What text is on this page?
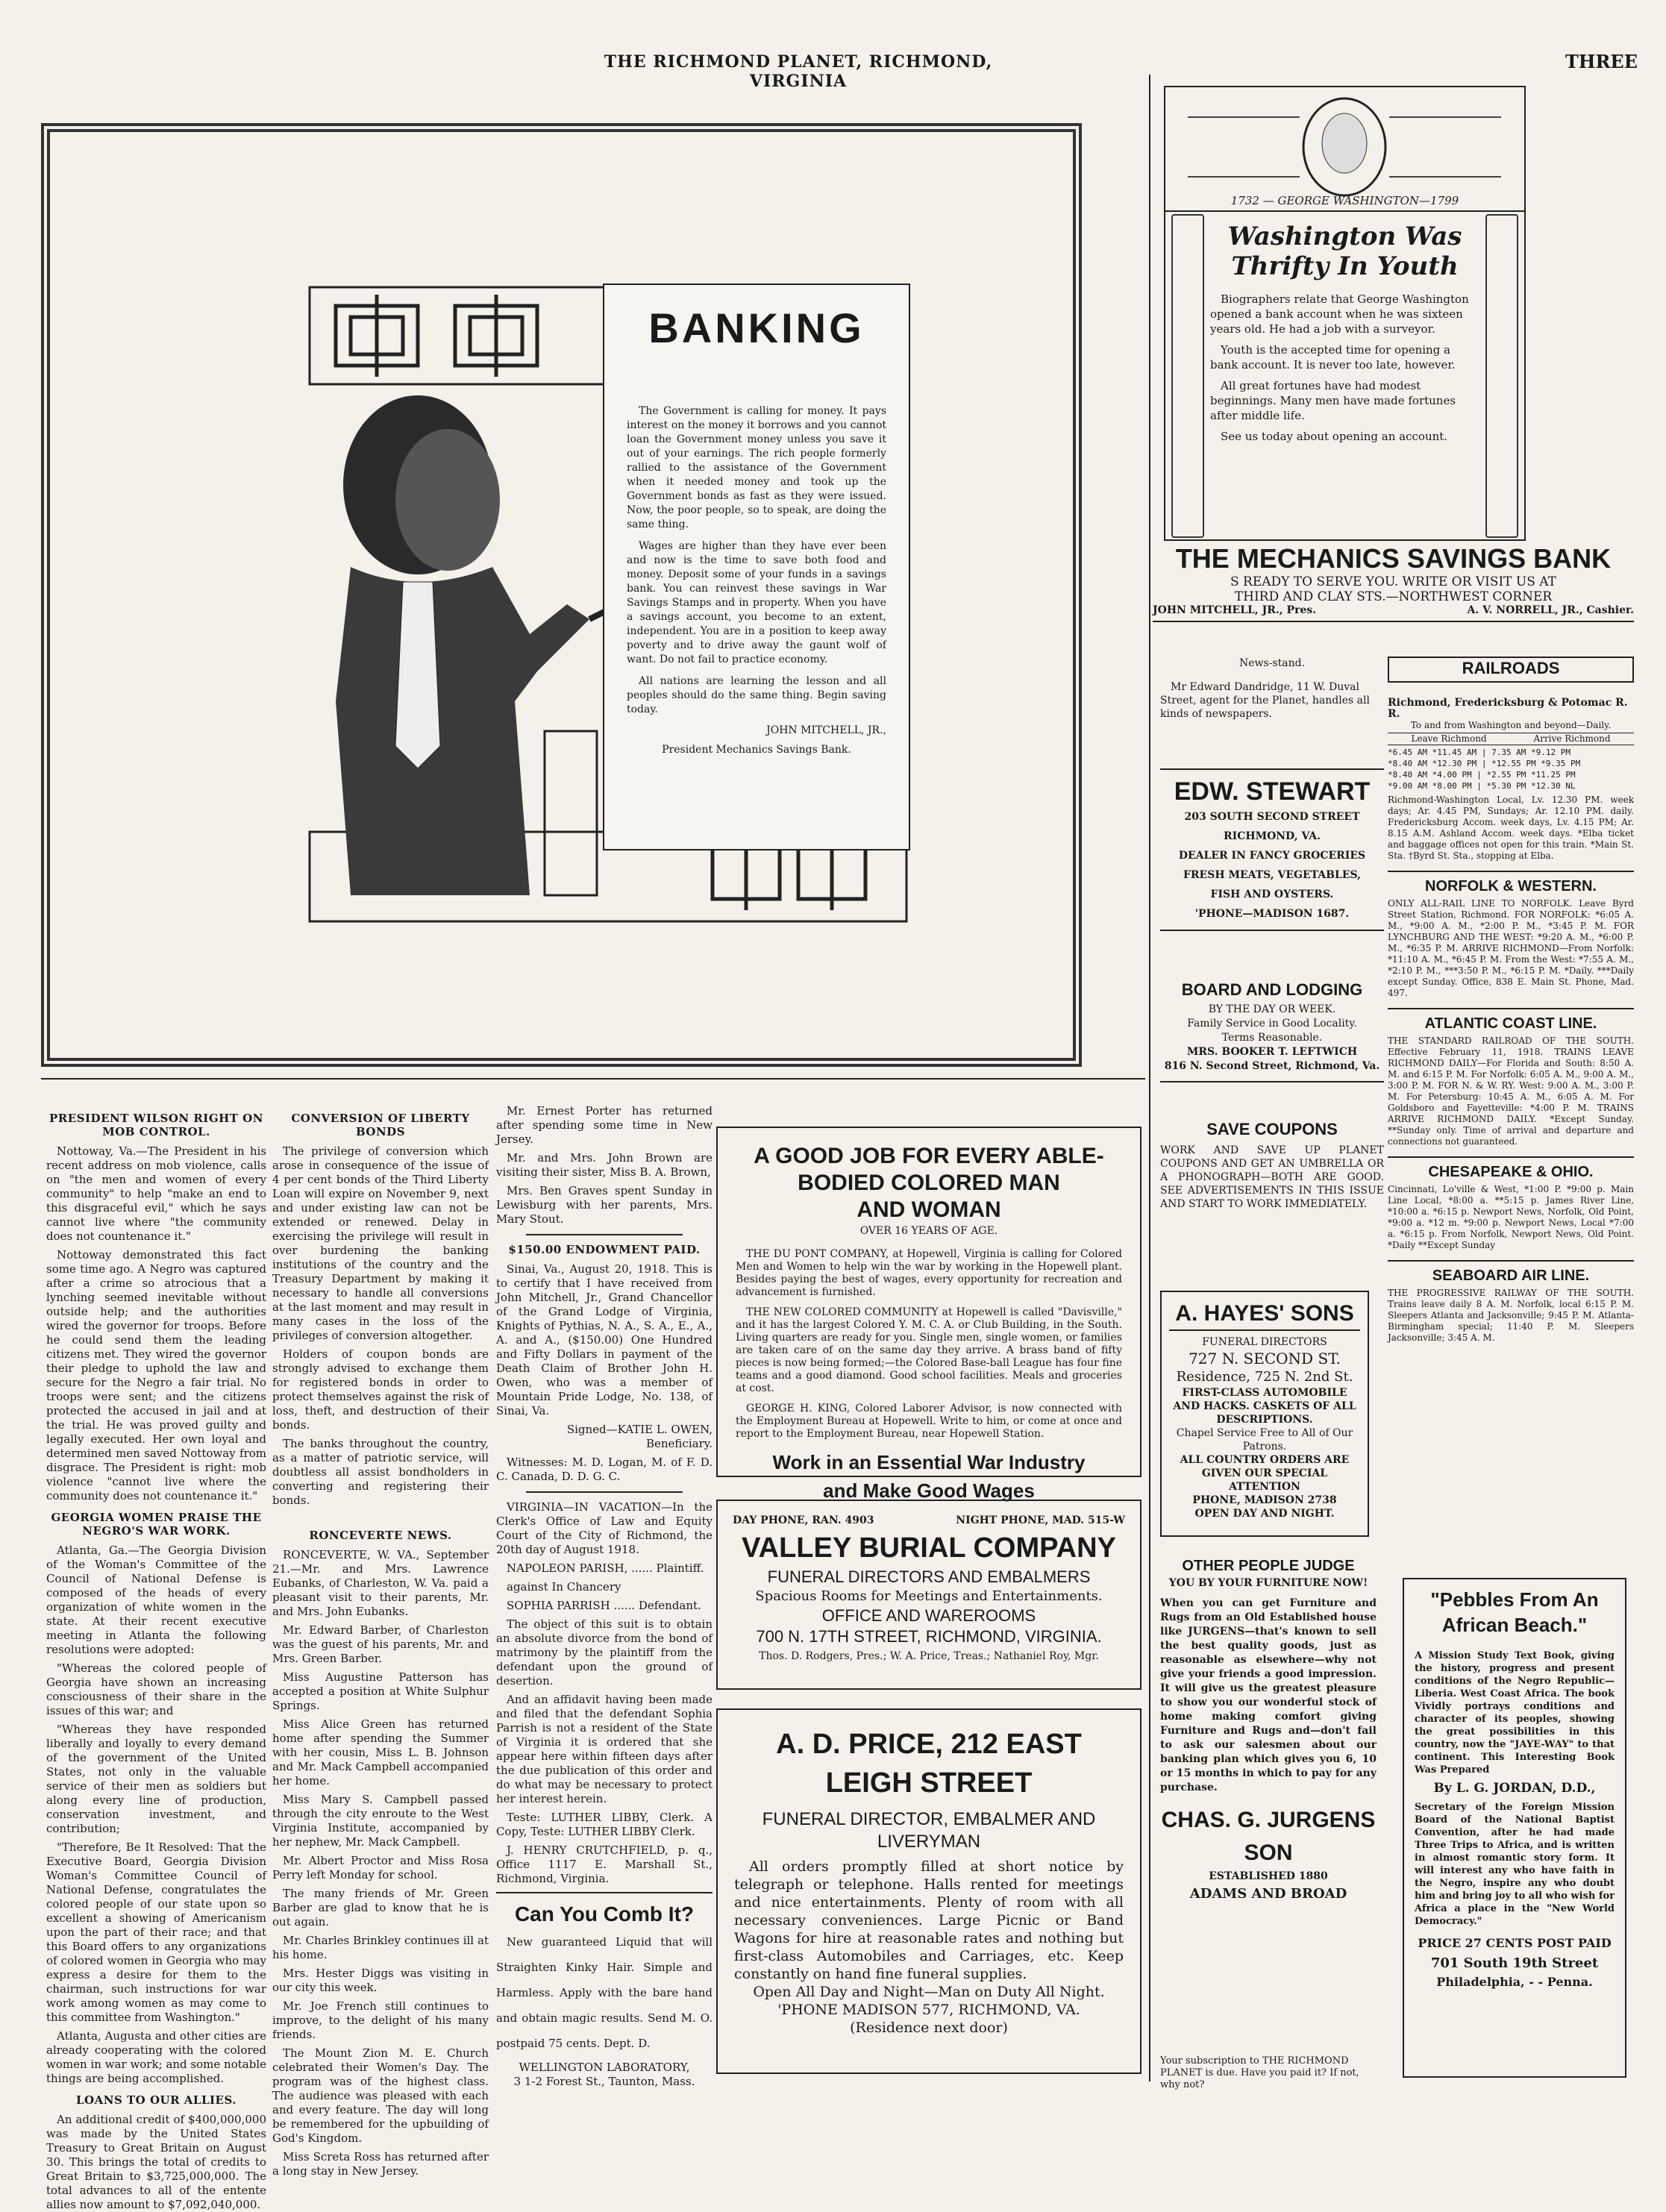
THE RICHMOND PLANET, RICHMOND, VIRGINIA
THREE
BANKING

The Government is calling for money. It pays interest on the money it borrows and you cannot loan the Government money unless you save it out of your earnings. The rich people formerly rallied to the assistance of the Government when it needed money and took up the Government bonds as fast as they were issued. Now, the poor people, so to speak, are doing the same thing.

Wages are higher than they have ever been and now is the time to save both food and money. Deposit some of your funds in a savings bank. You can reinvest these savings in War Savings Stamps and in property. When you have a savings account, you become to an extent, independent. You are in a position to keep away poverty and to drive away the gaunt wolf of want. Do not fail to practice economy.

All nations are learning the lesson and all peoples should do the same thing. Begin saving today.

JOHN MITCHELL, JR.,
President Mechanics Savings Bank.
1732 — GEORGE WASHINGTON—1799
Washington Was
Thrifty In Youth

Biographers relate that George Washington opened a bank account when he was sixteen years old. He had a job with a surveyor.

Youth is the accepted time for opening a bank account. It is never too late, however.

All great fortunes have had modest beginnings. Many men have made fortunes after middle life.

See us today about opening an account.

THE MECHANICS SAVINGS BANK
S READY TO SERVE YOU. WRITE OR VISIT US AT
THIRD AND CLAY STS.—NORTHWEST CORNER
JOHN MITCHELL, JR., Pres.	A. V. NORRELL, JR., Cashier.
News-stand.
Mr Edward Dandridge, 11 W. Duval Street, agent for the Planet, handles all kinds of newspapers.
EDW. STEWART
203 SOUTH SECOND STREET
RICHMOND, VA.
DEALER IN FANCY GROCERIES
FRESH MEATS, VEGETABLES,
FISH AND OYSTERS.
'PHONE—MADISON 1687.
BOARD AND LODGING
BY THE DAY OR WEEK.
Family Service in Good Locality.
Terms Reasonable.
MRS. BOOKER T. LEFTWICH
816 N. Second Street, Richmond, Va.
SAVE COUPONS
WORK AND SAVE UP PLANET COUPONS AND GET AN UMBRELLA OR A PHONOGRAPH—BOTH ARE GOOD. SEE ADVERTISEMENTS IN THIS ISSUE AND START TO WORK IMMEDIATELY.
A. HAYES' SONS
FUNERAL DIRECTORS
727 N. SECOND ST.
Residence, 725 N. 2nd St.
FIRST-CLASS AUTOMOBILE AND HACKS. CASKETS OF ALL DESCRIPTIONS.
Chapel Service Free to All of Our Patrons.
ALL COUNTRY ORDERS ARE GIVEN OUR SPECIAL ATTENTION
PHONE, MADISON 2738
OPEN DAY AND NIGHT.
OTHER PEOPLE JUDGE
YOU BY YOUR FURNITURE NOW!
When you can get Furniture and Rugs from an Old Established house like JURGENS—that's known to sell the best quality goods, just as reasonable as elsewhere—why not give your friends a good impression. It will give us the greatest pleasure to show you our wonderful stock of home making comfort giving Furniture and Rugs and—don't fail to ask our salesmen about our banking plan which gives you 6, 10 or 15 months in which to pay for any purchase.
CHAS. G. JURGENS SON
ESTABLISHED 1880
ADAMS AND BROAD
Your subscription to THE RICHMOND PLANET is due. Have you paid it? If not, why not?
RAILROADS
Richmond, Fredericksburg & Potomac R. R.
To and from Washington and beyond—Daily.
Leave Richmond	Arrive Richmond
*6.45 AM *11.45 AM | 7.35 AM *9.12 PM
*8.40 AM *12.30 PM | *12.55 PM *9.35 PM
*8.40 AM *4.00 PM | *2.55 PM *11.25 PM
*9.00 AM *8.00 PM | *5.30 PM *12.30 NL
Richmond-Washington Local, Lv. 12.30 PM. week days; Ar. 4.45 PM, Sundays; Ar. 12.10 PM. daily. Fredericksburg Accom. week days, Lv. 4.15 PM; Ar. 8.15 A.M. Ashland Accom. week days. *Elba ticket and baggage offices not open for this train. *Main St. Sta. †Byrd St. Sta., stopping at Elba.
NORFOLK & WESTERN.
ONLY ALL-RAIL LINE TO NORFOLK. Leave Byrd Street Station, Richmond. FOR NORFOLK: *6:05 A. M., *9:00 A. M., *2:00 P. M., *3:45 P. M. FOR LYNCHBURG AND THE WEST: *9:20 A. M., *6:00 P. M., *6:35 P. M. ARRIVE RICHMOND—From Norfolk: *11:10 A. M., *6:45 P. M. From the West: *7:55 A. M., *2:10 P. M., ***3:50 P. M., *6:15 P. M. *Daily. ***Daily except Sunday. Office, 838 E. Main St. Phone, Mad. 497.
ATLANTIC COAST LINE.
THE STANDARD RAILROAD OF THE SOUTH. Effective February 11, 1918. TRAINS LEAVE RICHMOND DAILY—For Florida and South: 8:50 A. M. and 6:15 P. M. For Norfolk: 6:05 A. M., 9:00 A. M., 3:00 P. M. FOR N. & W. RY. West: 9:00 A. M., 3:00 P. M. For Petersburg: 10:45 A. M., 6:05 A. M. For Goldsboro and Fayetteville: *4:00 P. M. TRAINS ARRIVE RICHMOND DAILY. *Except Sunday. **Sunday only. Time of arrival and departure and connections not guaranteed.
CHESAPEAKE & OHIO.
Cincinnati, Lo'ville & West, *1:00 P. *9:00 p. Main Line Local, *8:00 a. **5:15 p. James River Line, *10:00 a. *6:15 p. Newport News, Norfolk, Old Point, *9:00 a. *12 m. *9:00 p. Newport News, Local *7:00 a. *6:15 p. From Norfolk, Newport News, Old Point. *Daily **Except Sunday
SEABOARD AIR LINE.
THE PROGRESSIVE RAILWAY OF THE SOUTH. Trains leave daily 8 A. M. Norfolk, local 6:15 P. M. Sleepers Atlanta and Jacksonville; 9:45 P. M. Atlanta-Birmingham special; 11:40 P. M. Sleepers Jacksonville; 3:45 A. M.
"Pebbles From An
African Beach."
A Mission Study Text Book, giving the history, progress and present conditions of the Negro Republic—Liberia. West Coast Africa. The book Vividly portrays conditions and character of its peoples, showing the great possibilities in this country, now the "JAYE-WAY" to that continent. This Interesting Book Was Prepared
By L. G. JORDAN, D.D.,
Secretary of the Foreign Mission Board of the National Baptist Convention, after he had made Three Trips to Africa, and is written in almost romantic story form. It will interest any who have faith in the Negro, inspire any who doubt him and bring joy to all who wish for Africa a place in the "New World Democracy."
PRICE 27 CENTS POST PAID
701 South 19th Street
Philadelphia, - - Penna.
PRESIDENT WILSON RIGHT ON MOB CONTROL.

Nottoway, Va.—The President in his recent address on mob violence, calls on "the men and women of every community" to help "make an end to this disgraceful evil," which he says cannot live where "the community does not countenance it."

Nottoway demonstrated this fact some time ago. A Negro was captured after a crime so atrocious that a lynching seemed inevitable without outside help; and the authorities wired the governor for troops. Before he could send them the leading citizens met. They wired the governor their pledge to uphold the law and secure for the Negro a fair trial. No troops were sent; and the citizens protected the accused in jail and at the trial. He was proved guilty and legally executed. Her own loyal and determined men saved Nottoway from disgrace. The President is right: mob violence "cannot live where the community does not countenance it."

GEORGIA WOMEN PRAISE THE NEGRO'S WAR WORK.

Atlanta, Ga.—The Georgia Division of the Woman's Committee of the Council of National Defense is composed of the heads of every organization of white women in the state. At their recent executive meeting in Atlanta the following resolutions were adopted:

"Whereas the colored people of Georgia have shown an increasing consciousness of their share in the issues of this war; and

"Whereas they have responded liberally and loyally to every demand of the government of the United States, not only in the valuable service of their men as soldiers but along every line of production, conservation investment, and contribution;

"Therefore, Be It Resolved: That the Executive Board, Georgia Division Woman's Committee Council of National Defense, congratulates the colored people of our state upon so excellent a showing of Americanism upon the part of their race; and that this Board offers to any organizations of colored women in Georgia who may express a desire for them to the chairman, such instructions for war work among women as may come to this committee from Washington."

Atlanta, Augusta and other cities are already cooperating with the colored women in war work; and some notable things are being accomplished.

LOANS TO OUR ALLIES.

An additional credit of $400,000,000 was made by the United States Treasury to Great Britain on August 30. This brings the total of credits to Great Britain to $3,725,000,000. The total advances to all of the entente allies now amount to $7,092,040,000.

CONVERSION OF LIBERTY BONDS

The privilege of conversion which arose in consequence of the issue of 4 per cent bonds of the Third Liberty Loan will expire on November 9, next and under existing law can not be extended or renewed. Delay in exercising the privilege will result in over burdening the banking institutions of the country and the Treasury Department by making it necessary to handle all conversions at the last moment and may result in many cases in the loss of the privileges of conversion altogether.

Holders of coupon bonds are strongly advised to exchange them for registered bonds in order to protect themselves against the risk of loss, theft, and destruction of their bonds.

The banks throughout the country, as a matter of patriotic service, will doubtless all assist bondholders in converting and registering their bonds.

RONCEVERTE NEWS.

RONCEVERTE, W. VA., September 21.—Mr. and Mrs. Lawrence Eubanks, of Charleston, W. Va. paid a pleasant visit to their parents, Mr. and Mrs. John Eubanks.

Mr. Edward Barber, of Charleston was the guest of his parents, Mr. and Mrs. Green Barber.

Miss Augustine Patterson has accepted a position at White Sulphur Springs.

Miss Alice Green has returned home after spending the Summer with her cousin, Miss L. B. Johnson and Mr. Mack Campbell accompanied her home.

Miss Mary S. Campbell passed through the city enroute to the West Virginia Institute, accompanied by her nephew, Mr. Mack Campbell.

Mr. Albert Proctor and Miss Rosa Perry left Monday for school.

The many friends of Mr. Green Barber are glad to know that he is out again.

Mr. Charles Brinkley continues ill at his home.

Mrs. Hester Diggs was visiting in our city this week.

Mr. Joe French still continues to improve, to the delight of his many friends.

The Mount Zion M. E. Church celebrated their Women's Day. The program was of the highest class. The audience was pleased with each and every feature. The day will long be remembered for the upbuilding of God's Kingdom.

Miss Screta Ross has returned after a long stay in New Jersey.

Mr. Ernest Porter has returned after spending some time in New Jersey.

Mr. and Mrs. John Brown are visiting their sister, Miss B. A. Brown,

Mrs. Ben Graves spent Sunday in Lewisburg with her parents, Mrs. Mary Stout.

$150.00 ENDOWMENT PAID.

Sinai, Va., August 20, 1918. This is to certify that I have received from John Mitchell, Jr., Grand Chancellor of the Grand Lodge of Virginia, Knights of Pythias, N. A., S. A., E., A., A. and A., ($150.00) One Hundred and Fifty Dollars in payment of the Death Claim of Brother John H. Owen, who was a member of Mountain Pride Lodge, No. 138, of Sinai, Va.

Signed—KATIE L. OWEN, Beneficiary.

Witnesses: M. D. Logan, M. of F. D. C. Canada, D. D. G. C.

VIRGINIA—IN VACATION—In the Clerk's Office of Law and Equity Court of the City of Richmond, the 20th day of August 1918.

NAPOLEON PARISH, ...... Plaintiff.

against In Chancery

SOPHIA PARRISH ...... Defendant.

The object of this suit is to obtain an absolute divorce from the bond of matrimony by the plaintiff from the defendant upon the ground of desertion.

And an affidavit having been made and filed that the defendant Sophia Parrish is not a resident of the State of Virginia it is ordered that she appear here within fifteen days after the due publication of this order and do what may be necessary to protect her interest herein.

Teste: LUTHER LIBBY, Clerk. A Copy, Teste: LUTHER LIBBY Clerk.

J. HENRY CRUTCHFIELD, p. q., Office 1117 E. Marshall St., Richmond, Virginia.

Can You Comb It?

New guaranteed Liquid that will Straighten Kinky Hair. Simple and Harmless. Apply with the bare hand and obtain magic results. Send M. O. postpaid 75 cents. Dept. D.

WELLINGTON LABORATORY,
3 1-2 Forest St., Taunton, Mass.
A GOOD JOB FOR EVERY ABLE-
BODIED COLORED MAN
AND WOMAN
OVER 16 YEARS OF AGE.

THE DU PONT COMPANY, at Hopewell, Virginia is calling for Colored Men and Women to help win the war by working in the Hopewell plant. Besides paying the best of wages, every opportunity for recreation and advancement is furnished.

THE NEW COLORED COMMUNITY at Hopewell is called "Davisville," and it has the largest Colored Y. M. C. A. or Club Building, in the South. Living quarters are ready for you. Single men, single women, or families are taken care of on the same day they arrive. A brass band of fifty pieces is now being formed;—the Colored Base-ball League has four fine teams and a good diamond. Good school facilities. Meals and groceries at cost.

GEORGE H. KING, Colored Laborer Advisor, is now connected with the Employment Bureau at Hopewell. Write to him, or come at once and report to the Employment Bureau, near Hopewell Station.

Work in an Essential War Industry
and Make Good Wages
DAY PHONE, RAN. 4903	NIGHT PHONE, MAD. 515-W
VALLEY BURIAL COMPANY
FUNERAL DIRECTORS AND EMBALMERS
Spacious Rooms for Meetings and Entertainments.
OFFICE AND WAREROOMS
700 N. 17TH STREET, RICHMOND, VIRGINIA.
Thos. D. Rodgers, Pres.; W. A. Price, Treas.; Nathaniel Roy, Mgr.
A. D. PRICE, 212 EAST LEIGH STREET
FUNERAL DIRECTOR, EMBALMER AND
LIVERYMAN
All orders promptly filled at short notice by telegraph or telephone. Halls rented for meetings and nice entertainments. Plenty of room with all necessary conveniences. Large Picnic or Band Wagons for hire at reasonable rates and nothing but first-class Automobiles and Carriages, etc. Keep constantly on hand fine funeral supplies.
Open All Day and Night—Man on Duty All Night.
'PHONE MADISON 577, RICHMOND, VA.
(Residence next door)
